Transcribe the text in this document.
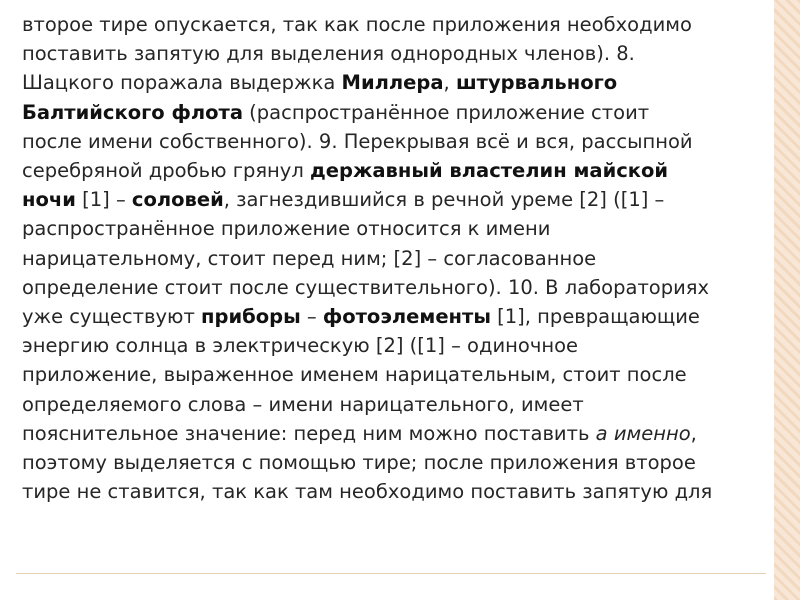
второе тире опускается, так как после приложения необходимо
поставить запятую для выделения однородных членов). 8.
Шацкого поражала выдержка Миллера, штурвального
Балтийского флота (распространённое приложение стоит
после имени собственного). 9. Перекрывая всё и вся, рассыпной
серебряной дробью грянул державный властелин майской
ночи [1] – соловей, загнездившийся в речной уреме [2] ([1] –
распространённое приложение относится к имени
нарицательному, стоит перед ним; [2] – согласованное
определение стоит после существительного). 10. В лабораториях
уже существуют приборы – фотоэлементы [1], превращающие
энергию солнца в электрическую [2] ([1] – одиночное
приложение, выраженное именем нарицательным, стоит после
определяемого слова – имени нарицательного, имеет
пояснительное значение: перед ним можно поставить а именно,
поэтому выделяется с помощью тире; после приложения второе
тире не ставится, так как там необходимо поставить запятую для
